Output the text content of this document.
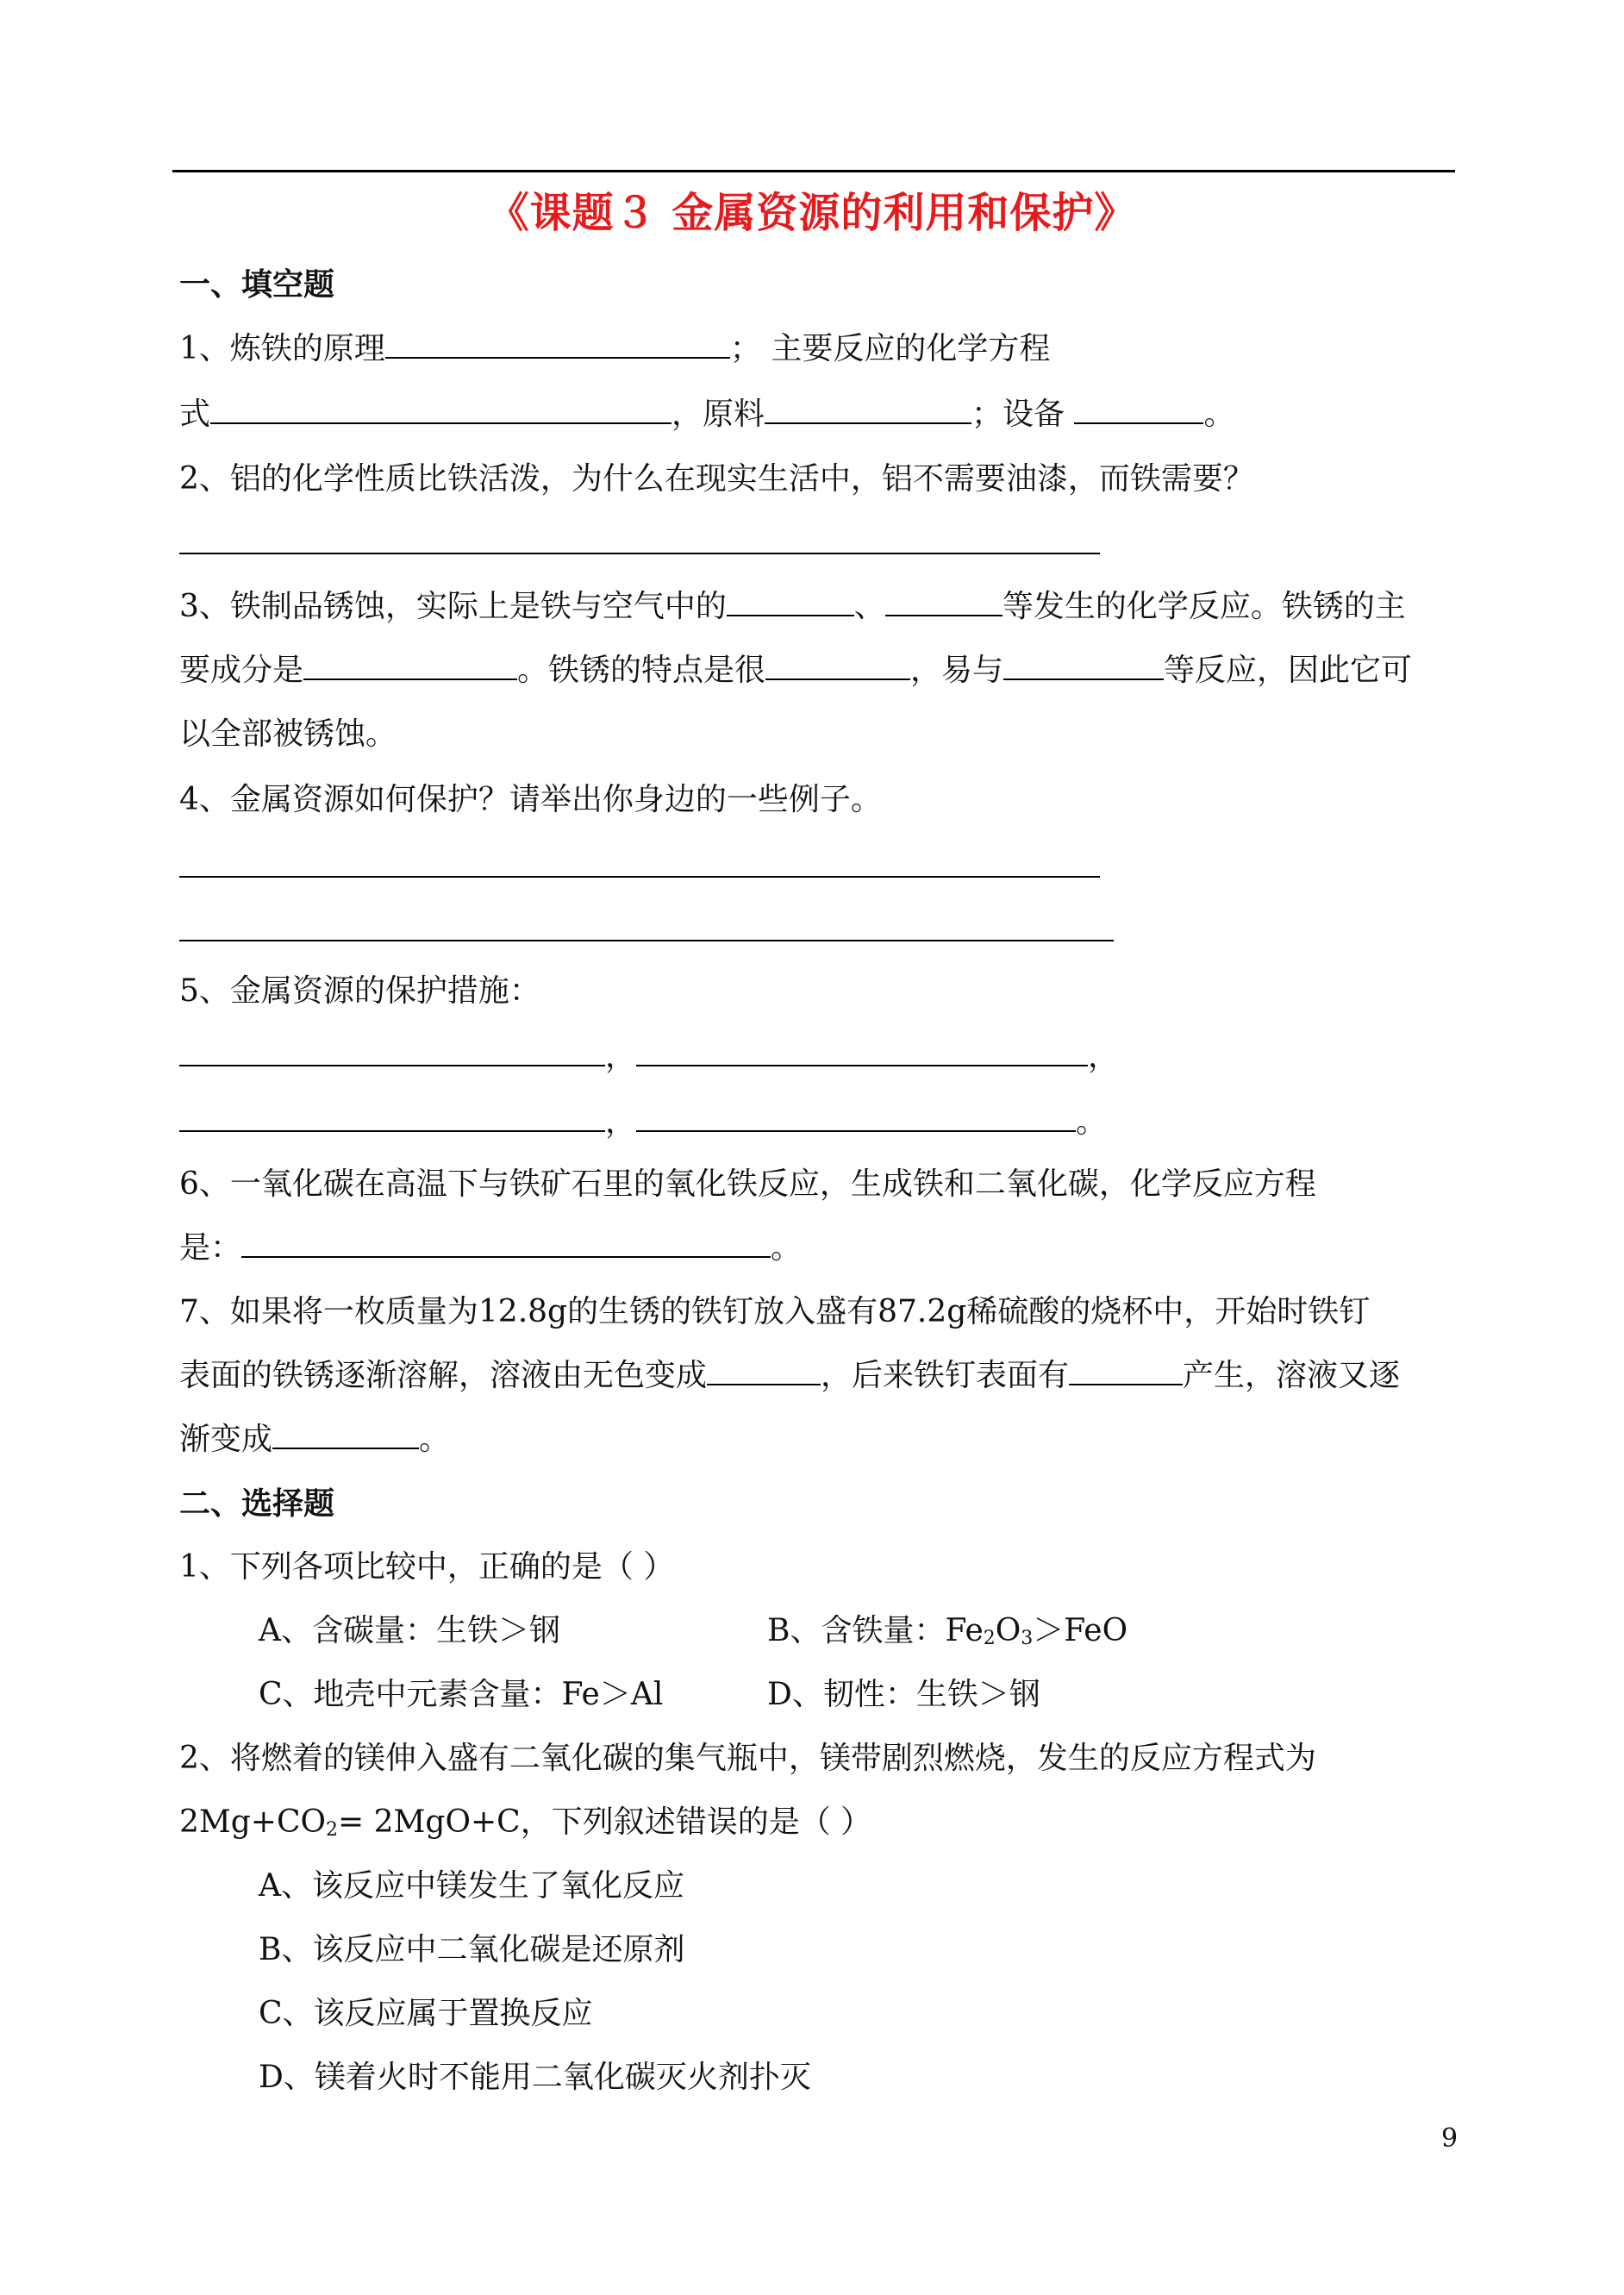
《课题３ 金属资源的利用和保护》
一、填空题
1、炼铁的原理	； 主要反应的化学方程
式	，原料	；设备	。
2、铝的化学性质比铁活泼，为什么在现实生活中，铝不需要油漆，而铁需要？
3、铁制品锈蚀，实际上是铁与空气中的	、	等发生的化学反应。铁锈的主
要成分是	。铁锈的特点是很	，易与	等反应，因此它可
以全部被锈蚀。
4、金属资源如何保护？请举出你身边的一些例子。
5、金属资源的保护措施：
，	，
，	。
6、一氧化碳在高温下与铁矿石里的氧化铁反应，生成铁和二氧化碳，化学反应方程
是：	。
7、如果将一枚质量为12.8g的生锈的铁钉放入盛有87.2g稀硫酸的烧杯中，开始时铁钉
表面的铁锈逐渐溶解，溶液由无色变成	，后来铁钉表面有	产生，溶液又逐
渐变成	。
二、选择题
1、下列各项比较中，正确的是（ ）
A、含碳量：生铁＞钢	B、含铁量：$Fe_2O_3>FeO$
C、地壳中元素含量：Fe＞Al	D、韧性：生铁＞钢
2、将燃着的镁伸入盛有二氧化碳的集气瓶中，镁带剧烈燃烧，发生的反应方程式为
$2Mg+CO_2= 2MgO+C$，下列叙述错误的是（ ）
A、该反应中镁发生了氧化反应
B、该反应中二氧化碳是还原剂
C、该反应属于置换反应
D、镁着火时不能用二氧化碳灭火剂扑灭
9
